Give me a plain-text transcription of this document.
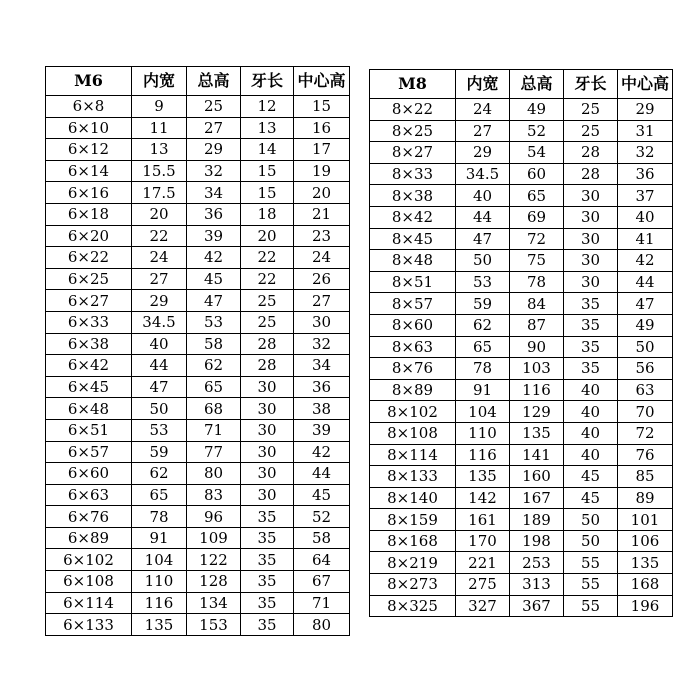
M6	内宽	总高	牙长	中心高
6×8	9	25	12	15
6×10	11	27	13	16
6×12	13	29	14	17
6×14	15.5	32	15	19
6×16	17.5	34	15	20
6×18	20	36	18	21
6×20	22	39	20	23
6×22	24	42	22	24
6×25	27	45	22	26
6×27	29	47	25	27
6×33	34.5	53	25	30
6×38	40	58	28	32
6×42	44	62	28	34
6×45	47	65	30	36
6×48	50	68	30	38
6×51	53	71	30	39
6×57	59	77	30	42
6×60	62	80	30	44
6×63	65	83	30	45
6×76	78	96	35	52
6×89	91	109	35	58
6×102	104	122	35	64
6×108	110	128	35	67
6×114	116	134	35	71
6×133	135	153	35	80
M8	内宽	总高	牙长	中心高
8×22	24	49	25	29
8×25	27	52	25	31
8×27	29	54	28	32
8×33	34.5	60	28	36
8×38	40	65	30	37
8×42	44	69	30	40
8×45	47	72	30	41
8×48	50	75	30	42
8×51	53	78	30	44
8×57	59	84	35	47
8×60	62	87	35	49
8×63	65	90	35	50
8×76	78	103	35	56
8×89	91	116	40	63
8×102	104	129	40	70
8×108	110	135	40	72
8×114	116	141	40	76
8×133	135	160	45	85
8×140	142	167	45	89
8×159	161	189	50	101
8×168	170	198	50	106
8×219	221	253	55	135
8×273	275	313	55	168
8×325	327	367	55	196
